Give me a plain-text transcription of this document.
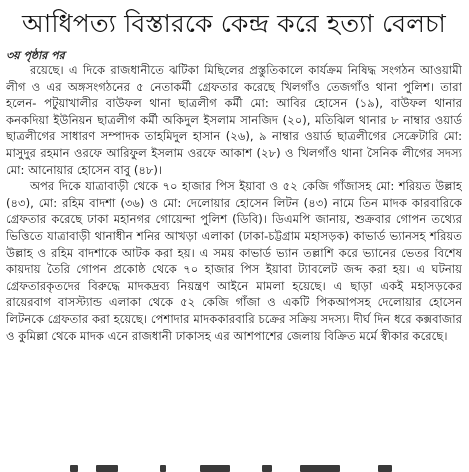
আধিপত্য বিস্তারকে কেন্দ্র করে হত্যা বেলচা
৩য় পৃষ্ঠার পর

রয়েছে। এ দিকে রাজধানীতে ঝটিকা মিছিলের প্রস্তুতিকালে কার্যক্রম নিষিদ্ধ সংগঠন আওয়ামী লীগ ও এর অঙ্গসংগঠনের ৫ নেতাকর্মী গ্রেফতার করেছে খিলগাঁও তেজগাঁও থানা পুলিশ। তারা হলেন- পটুয়াখালীর বাউফল থানা ছাত্রলীগ কর্মী মো: আবির হোসেন (১৯), বাউফল থানার কনকদিয়া ইউনিয়ন ছাত্রলীগ কর্মী অকিদুল ইসলাম সানজিদ (২০), মতিঝিল থানার ৮ নাম্বার ওয়ার্ড ছাত্রলীগের সাধারণ সম্পাদক তাহমিদুল হাসান (২৬), ৯ নাম্বার ওয়ার্ড ছাত্রলীগের সেক্রেটারি মো: মাসুদুর রহমান ওরফে আরিফুল ইসলাম ওরফে আকাশ (২৮) ও খিলগাঁও থানা সৈনিক লীগের সদস্য মো: আনোয়ার হোসেন বাবু (৪৮)।

অপর দিকে যাত্রাবাড়ী থেকে ৭০ হাজার পিস ইয়াবা ও ৫২ কেজি গাঁজাসহ মো: শরিয়ত উল্লাহ (৪৩), মো: রহিম বাদশা (৩৬) ও মো: দেলোয়ার হোসেন লিটন (৪৩) নামে তিন মাদক কারবারিকে গ্রেফতার করেছে ঢাকা মহানগর গোয়েন্দা পুলিশ (ডিবি)। ডিএমপি জানায়, শুক্রবার গোপন তথ্যের ভিত্তিতে যাত্রাবাড়ী থানাধীন শনির আখড়া এলাকা (ঢাকা-চট্টগ্রাম মহাসড়ক) কাভার্ড ভ্যানসহ শরিয়ত উল্লাহ ও রহিম বাদশাকে আটক করা হয়। এ সময় কাভার্ড ভ্যান তল্লাশি করে ভ্যানের ভেতর বিশেষ কায়দায় তৈরি গোপন প্রকোষ্ঠ থেকে ৭০ হাজার পিস ইয়াবা ট্যাবলেট জব্দ করা হয়। এ ঘটনায় গ্রেফতারকৃতদের বিরুদ্ধে মাদকদ্রব্য নিয়ন্ত্রণ আইনে মামলা হয়েছে। এ ছাড়া একই মহাসড়কের রায়েরবাগ বাসস্ট্যান্ড এলাকা থেকে ৫২ কেজি গাঁজা ও একটি পিকআপসহ দেলোয়ার হোসেন লিটনকে গ্রেফতার করা হয়েছে। পেশাদার মাদককারবারি চক্রের সক্রিয় সদস্য। দীর্ঘ দিন ধরে কক্সবাজার ও কুমিল্লা থেকে মাদক এনে রাজধানী ঢাকাসহ এর আশপাশের জেলায় বিক্রিত মর্মে স্বীকার করেছে।
